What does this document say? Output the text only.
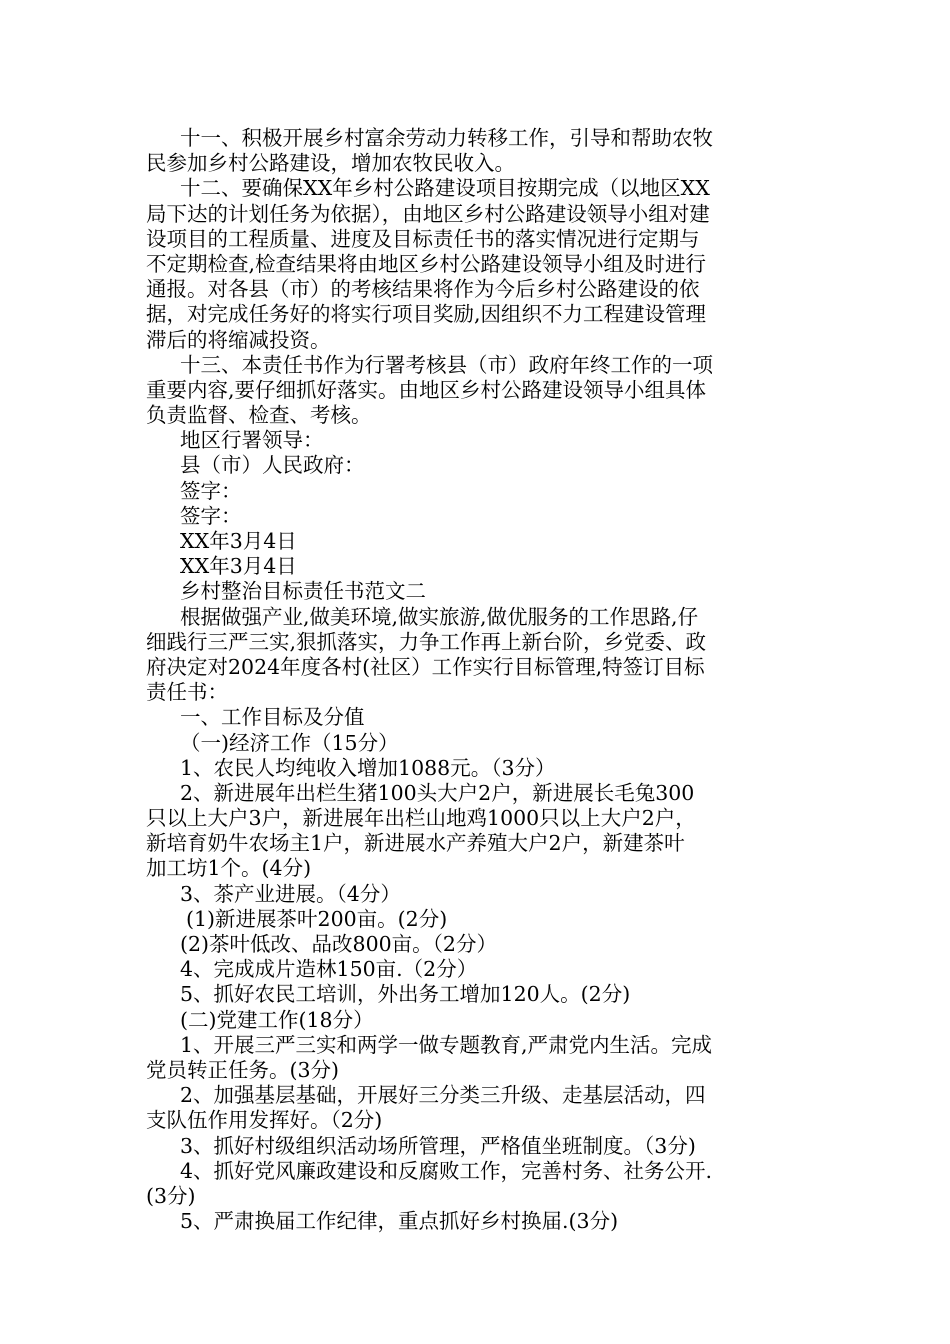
十一、积极开展乡村富余劳动力转移工作，引导和帮助农牧
民参加乡村公路建设，增加农牧民收入。
十二、要确保XX年乡村公路建设项目按期完成（以地区XX
局下达的计划任务为依据），由地区乡村公路建设领导小组对建
设项目的工程质量、进度及目标责任书的落实情况进行定期与
不定期检查,检查结果将由地区乡村公路建设领导小组及时进行
通报。对各县（市）的考核结果将作为今后乡村公路建设的依
据，对完成任务好的将实行项目奖励,因组织不力工程建设管理
滞后的将缩减投资。
十三、本责任书作为行署考核县（市）政府年终工作的一项
重要内容,要仔细抓好落实。由地区乡村公路建设领导小组具体
负责监督、检查、考核。
地区行署领导：
县（市）人民政府：
签字：
签字：
XX年3月4日
XX年3月4日
乡村整治目标责任书范文二
根据做强产业,做美环境,做实旅游,做优服务的工作思路,仔
细践行三严三实,狠抓落实，力争工作再上新台阶，乡党委、政
府决定对2024年度各村(社区）工作实行目标管理,特签订目标
责任书：
一、工作目标及分值
（一)经济工作（15分）
1、农民人均纯收入增加1088元。（3分）
2、新进展年出栏生猪100头大户2户，新进展长毛兔300
只以上大户3户，新进展年出栏山地鸡1000只以上大户2户，
新培育奶牛农场主1户，新进展水产养殖大户2户，新建茶叶
加工坊1个。(4分)
3、茶产业进展。（4分）
(1)新进展茶叶200亩。(2分)
(2)茶叶低改、品改800亩。（2分）
4、完成成片造林150亩.（2分）
5、抓好农民工培训，外出务工增加120人。(2分)
(二)党建工作(18分）
1、开展三严三实和两学一做专题教育,严肃党内生活。完成
党员转正任务。(3分)
2、加强基层基础，开展好三分类三升级、走基层活动，四
支队伍作用发挥好。（2分)
3、抓好村级组织活动场所管理，严格值坐班制度。（3分)
4、抓好党风廉政建设和反腐败工作，完善村务、社务公开.
(3分)
5、严肃换届工作纪律，重点抓好乡村换届.(3分)
